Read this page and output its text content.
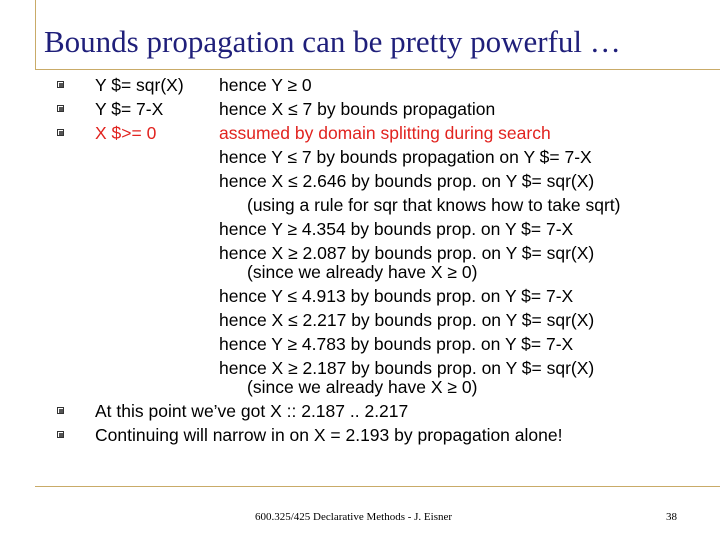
Bounds propagation can be pretty powerful …
Y $= sqr(X) hence Y ≥ 0
Y $= 7-X	hence X ≤ 7 by bounds propagation
X $>= 0	assumed by domain splitting during search
hence Y ≤ 7 by bounds propagation on Y $= 7-X
hence X ≤ 2.646 by bounds prop. on Y $= sqr(X)
(using a rule for sqr that knows how to take sqrt)
hence Y ≥ 4.354 by bounds prop. on Y $= 7-X
hence X ≥ 2.087 by bounds prop. on Y $= sqr(X)
(since we already have X ≥ 0)
hence Y ≤ 4.913 by bounds prop. on Y $= 7-X
hence X ≤ 2.217 by bounds prop. on Y $= sqr(X)
hence Y ≥ 4.783 by bounds prop. on Y $= 7-X
hence X ≥ 2.187 by bounds prop. on Y $= sqr(X)
(since we already have X ≥ 0)
At this point we’ve got X :: 2.187 .. 2.217
Continuing will narrow in on X = 2.193 by propagation alone!
600.325/425 Declarative Methods - J. Eisner	38
